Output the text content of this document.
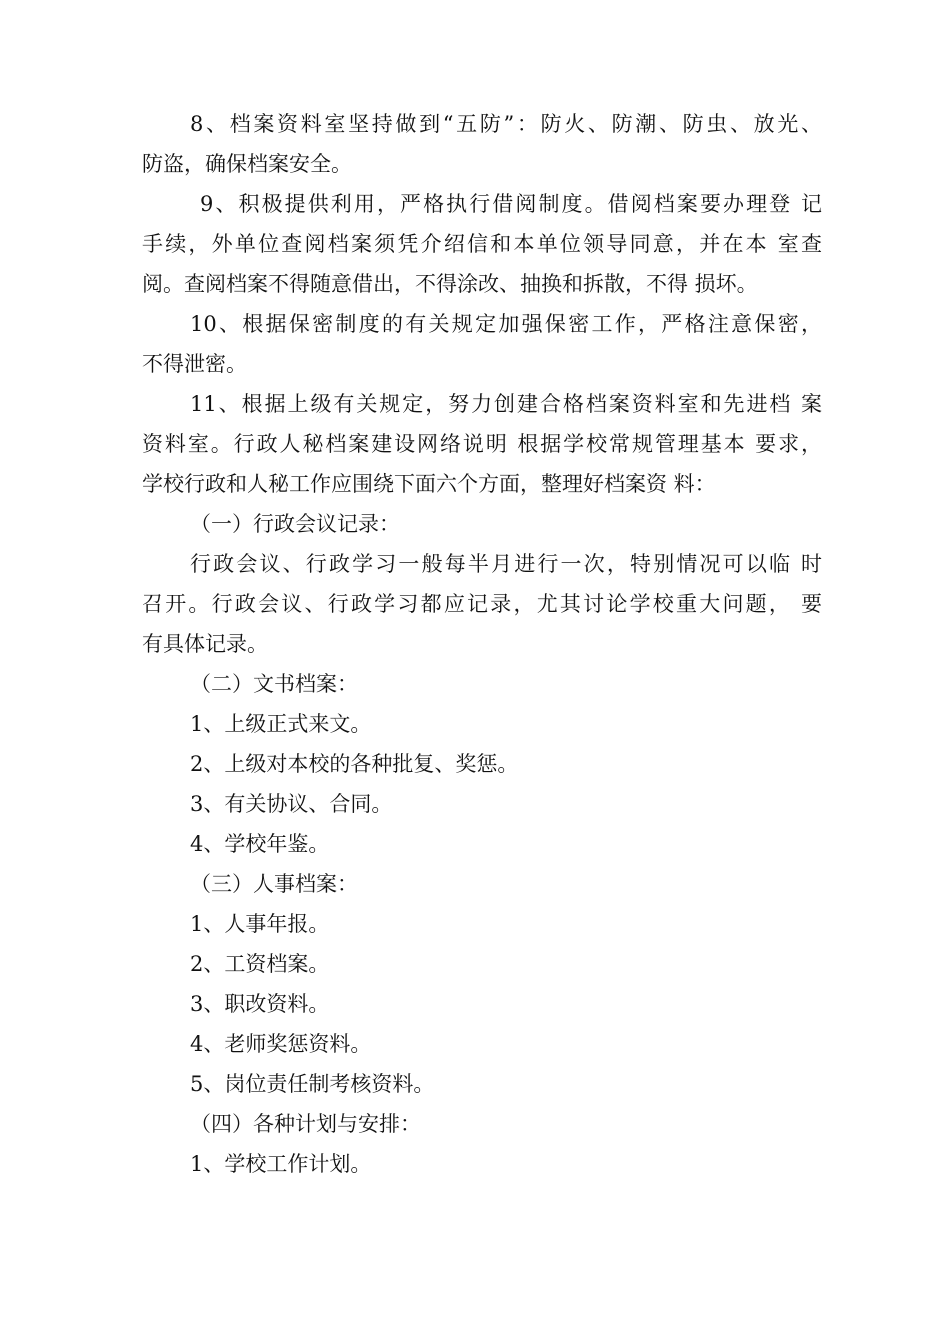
8、档案资料室坚持做到“五防”：防火、防潮、防虫、放光、

防盗，确保档案安全。

9、积极提供利用，严格执行借阅制度。借阅档案要办理登 记

手续，外单位查阅档案须凭介绍信和本单位领导同意，并在本 室查

阅。查阅档案不得随意借出，不得涂改、抽换和拆散，不得 损坏。

10、根据保密制度的有关规定加强保密工作，严格注意保密，

不得泄密。

11、根据上级有关规定，努力创建合格档案资料室和先进档 案

资料室。行政人秘档案建设网络说明 根据学校常规管理基本 要求，

学校行政和人秘工作应围绕下面六个方面，整理好档案资 料：

（一）行政会议记录：

行政会议、行政学习一般每半月进行一次，特别情况可以临 时

召开。行政会议、行政学习都应记录，尤其讨论学校重大问题， 要

有具体记录。

（二）文书档案：

1、上级正式来文。

2、上级对本校的各种批复、奖惩。

3、有关协议、合同。

4、学校年鉴。

（三）人事档案：

1、人事年报。

2、工资档案。

3、职改资料。

4、老师奖惩资料。

5、岗位责任制考核资料。

（四）各种计划与安排：

1、学校工作计划。
